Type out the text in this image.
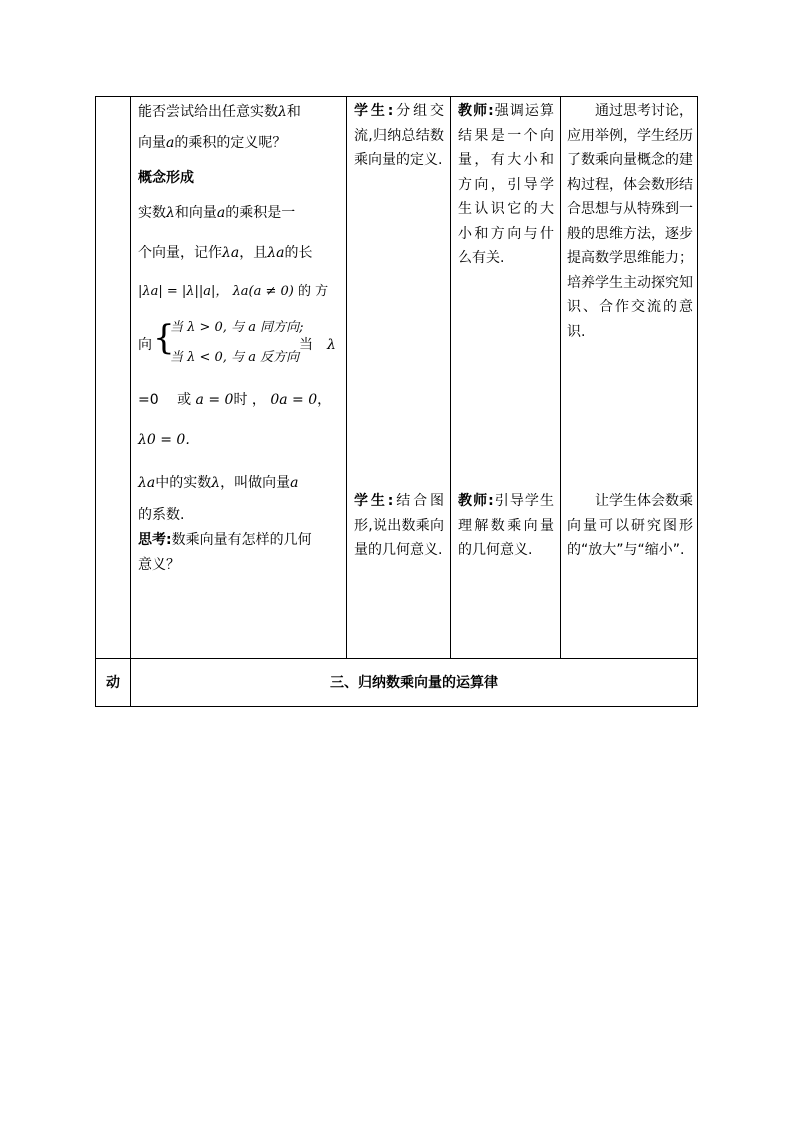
能否尝试给出任意实数λ和
向量a的乘积的定义呢？
概念形成
实数λ和向量a的乘积是一
个向量，记作λa，且λa的长
|λa| = |λ||a|， λa(a ≠ 0) 的 方
向 {
当 λ > 0, 与 a 同方向;
当 λ < 0, 与 a 反方向
当　 λ
=0　 或 a = 0时 ， 0a = 0，
λ0 = 0.
λa中的实数λ，叫做向量a
的系数.
思考:数乘向量有怎样的几何
意义？
学生:分组交流,归纳总结数乘向量的定义.
学生:结合图形,说出数乘向量的几何意义.
教师:强调运算结果是一个向量，有大小和方向，引导学生认识它的大小和方向与什么有关.
教师:引导学生理解数乘向量的几何意义.
通过思考讨论，应用举例，学生经历了数乘向量概念的建构过程，体会数形结合思想与从特殊到一般的思维方法，逐步提高数学思维能力；培养学生主动探究知识、合作交流的意识.
让学生体会数乘向量可以研究图形的“放大”与“缩小”.
动	三、归纳数乘向量的运算律
